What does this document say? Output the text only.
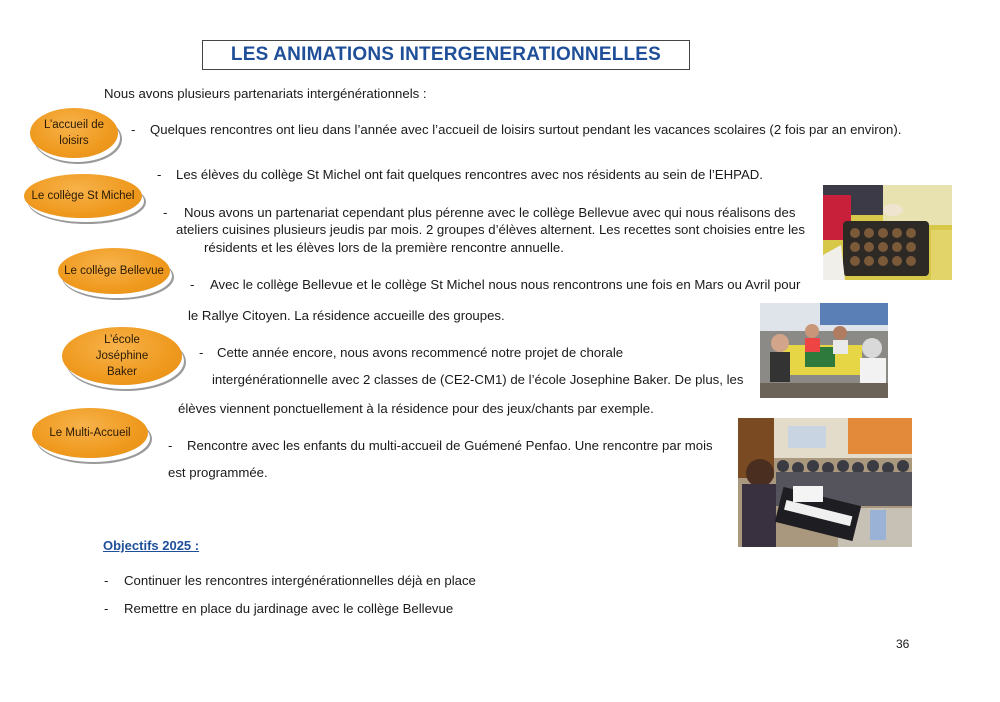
LES ANIMATIONS INTERGENERATIONNELLES
Nous avons plusieurs partenariats intergénérationnels :
L’accueil de
loisirs
- Quelques rencontres ont lieu dans l’année avec l’accueil de loisirs surtout pendant les vacances scolaires (2 fois par an environ).
Le collège St Michel
- Les élèves du collège St Michel ont fait quelques rencontres avec nos résidents au sein de l’EHPAD.
- Nous avons un partenariat cependant plus pérenne avec le collège Bellevue avec qui nous réalisons des
ateliers cuisines plusieurs jeudis par mois. 2 groupes d’élèves alternent. Les recettes sont choisies entre les
résidents et les élèves lors de la première rencontre annuelle.
Le collège Bellevue
- Avec le collège Bellevue et le collège St Michel nous nous rencontrons une fois en Mars ou Avril pour
le Rallye Citoyen. La résidence accueille des groupes.
L’école
Joséphine
Baker
- Cette année encore, nous avons recommencé notre projet de chorale
intergénérationnelle avec 2 classes de (CE2-CM1) de l’école Josephine Baker. De plus, les
élèves viennent ponctuellement à la résidence pour des jeux/chants par exemple.
Le Multi-Accueil
- Rencontre avec les enfants du multi-accueil de Guémené Penfao. Une rencontre par mois
est programmée.
Objectifs 2025 :
- Continuer les rencontres intergénérationnelles déjà en place
- Remettre en place du jardinage avec le collège Bellevue
36
